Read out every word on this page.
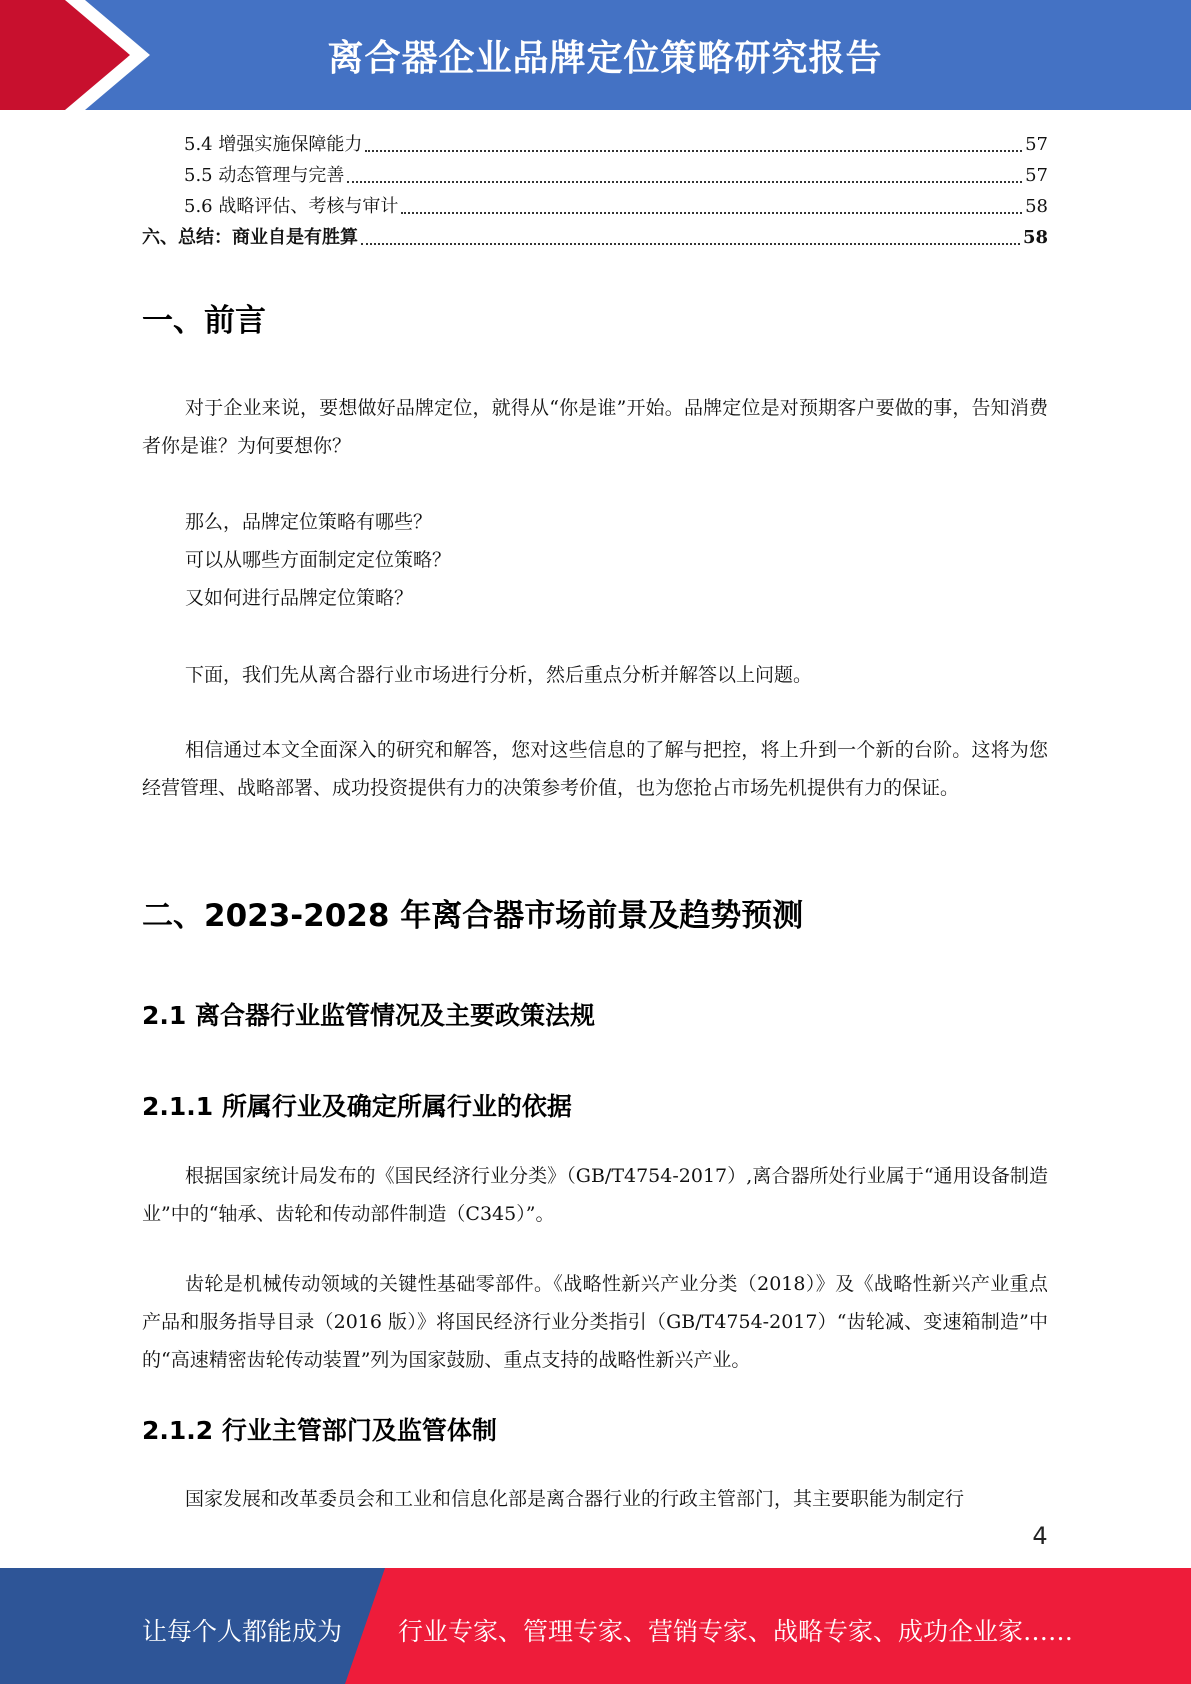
离合器企业品牌定位策略研究报告
5.4 增强实施保障能力	57
5.5 动态管理与完善	57
5.6 战略评估、考核与审计	58
六、总结：商业自是有胜算	58
一、前言
对于企业来说，要想做好品牌定位，就得从“你是谁”开始。品牌定位是对预期客户要做的事，告知消费者你是谁？为何要想你？
那么，品牌定位策略有哪些？
可以从哪些方面制定定位策略？
又如何进行品牌定位策略？
下面，我们先从离合器行业市场进行分析，然后重点分析并解答以上问题。
相信通过本文全面深入的研究和解答，您对这些信息的了解与把控，将上升到一个新的台阶。这将为您经营管理、战略部署、成功投资提供有力的决策参考价值，也为您抢占市场先机提供有力的保证。
二、2023-2028 年离合器市场前景及趋势预测
2.1 离合器行业监管情况及主要政策法规
2.1.1 所属行业及确定所属行业的依据
根据国家统计局发布的《国民经济行业分类》（GB/T4754-2017）,离合器所处行业属于“通用设备制造业”中的“轴承、齿轮和传动部件制造（C345）”。
齿轮是机械传动领域的关键性基础零部件。《战略性新兴产业分类（2018）》及《战略性新兴产业重点产品和服务指导目录（2016 版）》将国民经济行业分类指引（GB/T4754-2017）“齿轮减、变速箱制造”中的“高速精密齿轮传动装置”列为国家鼓励、重点支持的战略性新兴产业。
2.1.2 行业主管部门及监管体制
国家发展和改革委员会和工业和信息化部是离合器行业的行政主管部门，其主要职能为制定行
4
让每个人都能成为 行业专家、管理专家、营销专家、战略专家、成功企业家……
